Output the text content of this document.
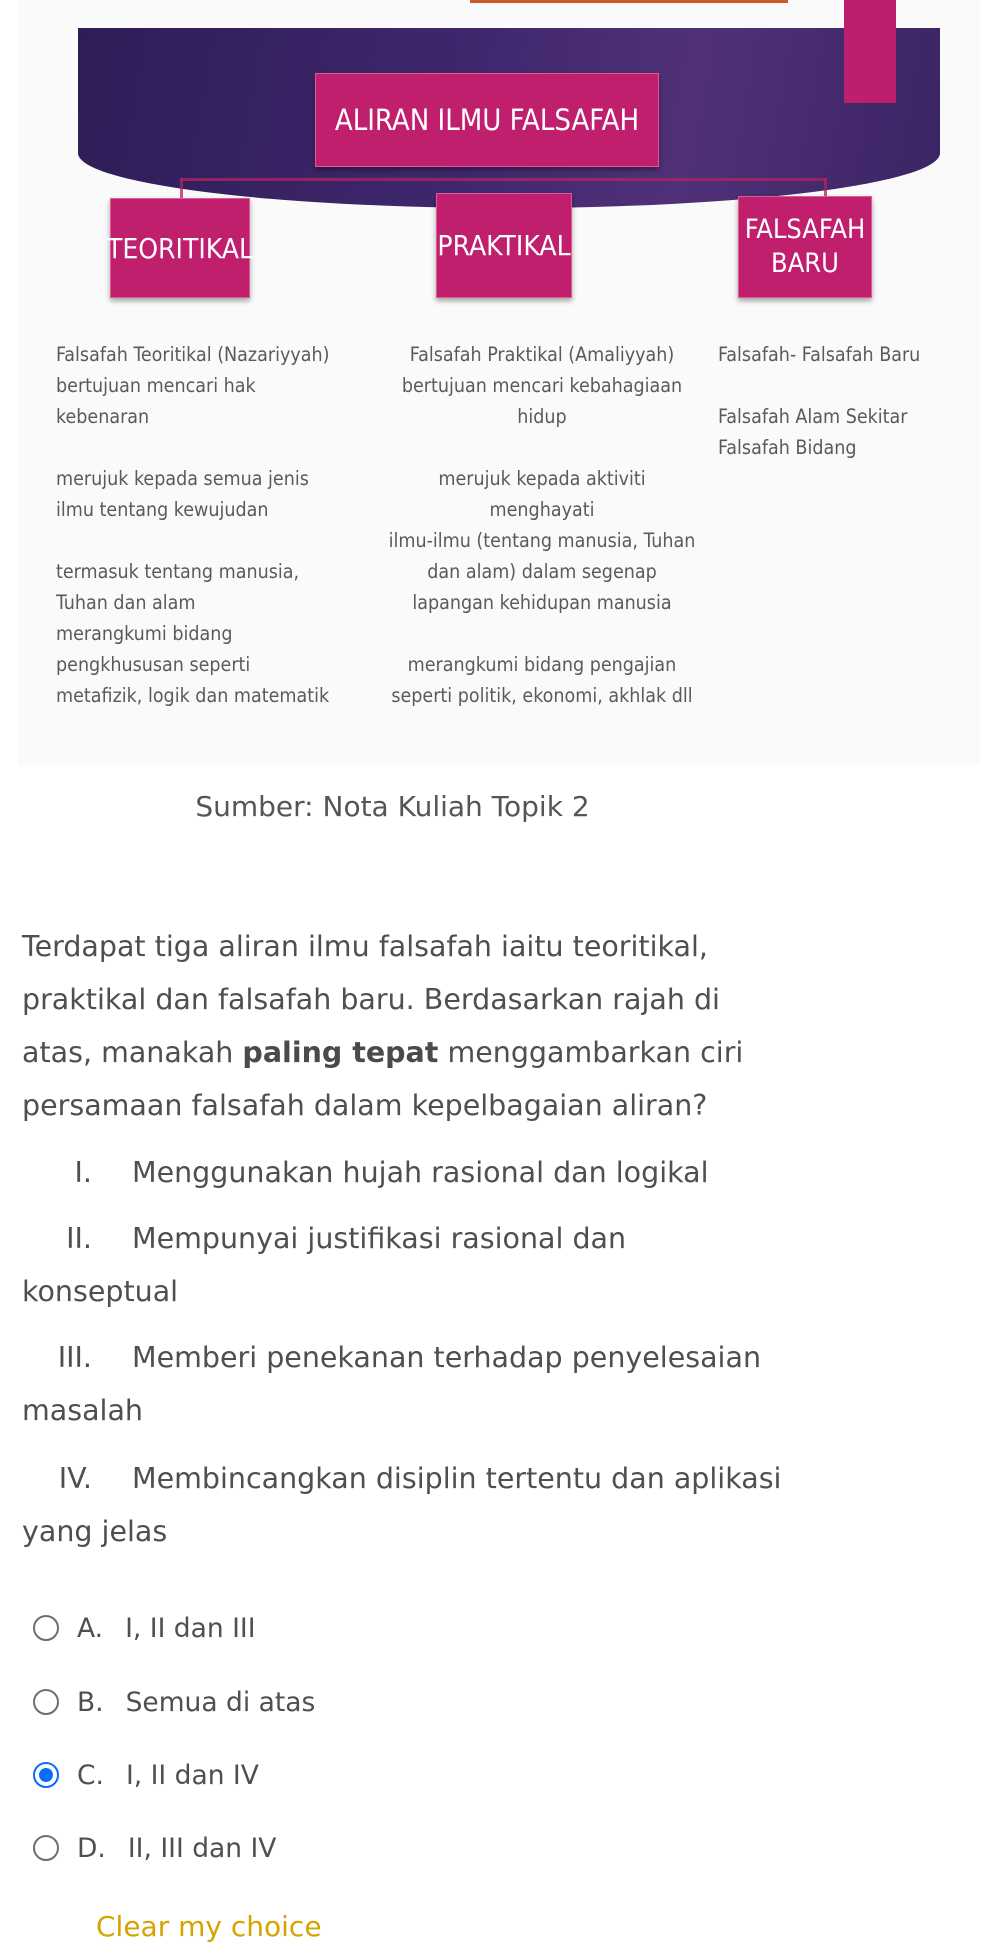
ALIRAN ILMU FALSAFAH
TEORITIKAL	PRAKTIKAL	FALSAFAH
BARU

Falsafah Teoritikal (Nazariyyah)

bertujuan mencari hak

kebenaran

merujuk kepada semua jenis

ilmu tentang kewujudan

termasuk tentang manusia,

Tuhan dan alam

merangkumi bidang

pengkhususan seperti

metafizik, logik dan matematik

Falsafah Praktikal (Amaliyyah)

bertujuan mencari kebahagiaan

hidup

merujuk kepada aktiviti

menghayati

ilmu-ilmu (tentang manusia, Tuhan

dan alam) dalam segenap

lapangan kehidupan manusia

merangkumi bidang pengajian

seperti politik, ekonomi, akhlak dll

Falsafah- Falsafah Baru

Falsafah Alam Sekitar

Falsafah Bidang

Sumber: Nota Kuliah Topik 2
Terdapat tiga aliran ilmu falsafah iaitu teoritikal, praktikal dan falsafah baru. Berdasarkan rajah di atas, manakah paling tepat menggambarkan ciri persamaan falsafah dalam kepelbagaian aliran?
I. Menggunakan hujah rasional dan logikal
II. Mempunyai justifikasi rasional dan konseptual
III. Memberi penekanan terhadap penyelesaian masalah
IV. Membincangkan disiplin tertentu dan aplikasi yang jelas
A. I, II dan III
B. Semua di atas
C. I, II dan IV
D. II, III dan IV
Clear my choice
